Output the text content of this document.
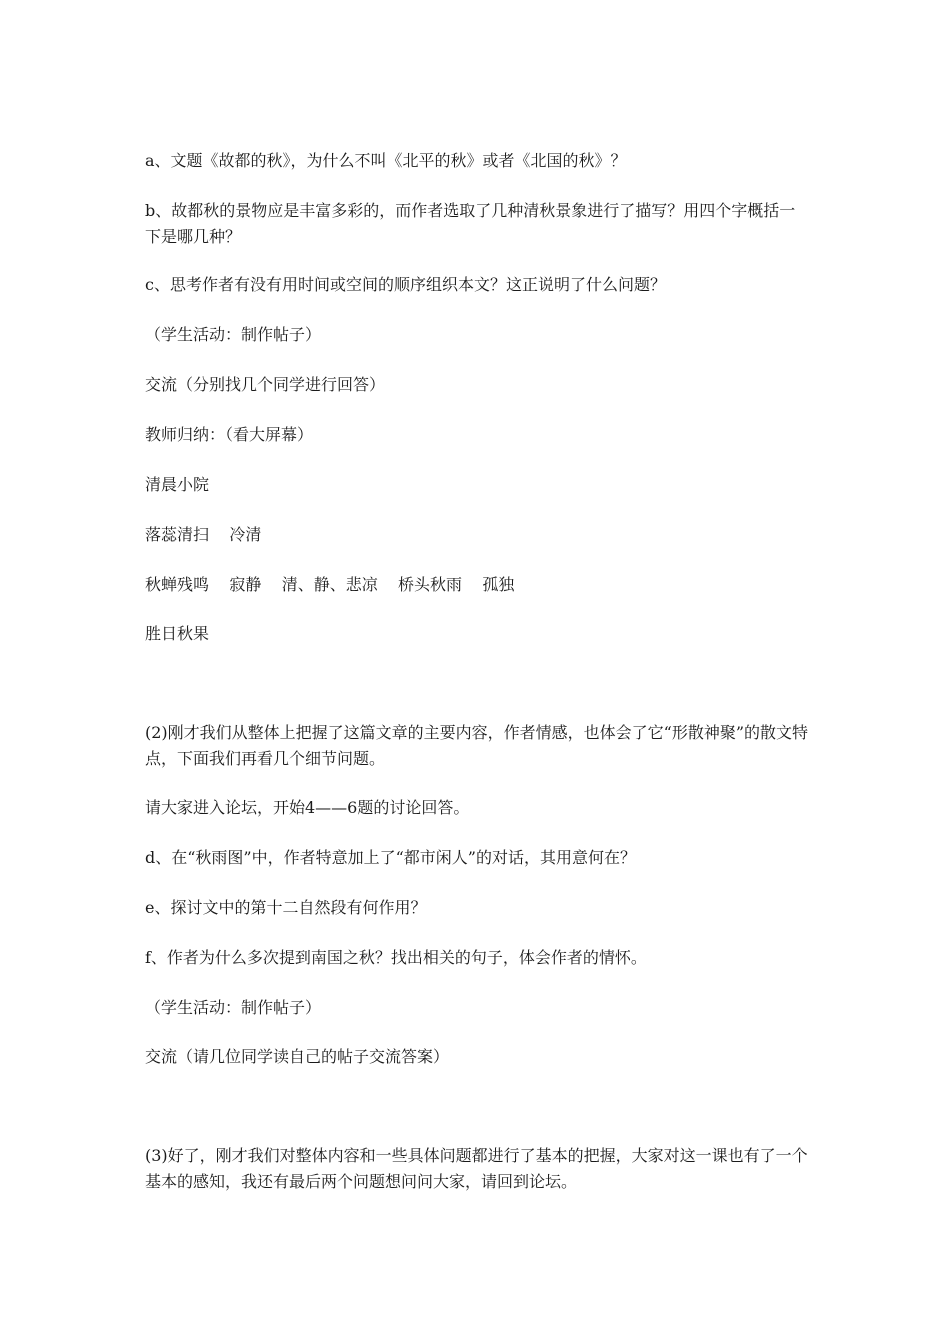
a、文题《故都的秋》，为什么不叫《北平的秋》或者《北国的秋》？

b、故都秋的景物应是丰富多彩的，而作者选取了几种清秋景象进行了描写？用四个字概括一下是哪几种？

c、思考作者有没有用时间或空间的顺序组织本文？这正说明了什么问题？

（学生活动：制作帖子）

交流（分别找几个同学进行回答）

教师归纳：（看大屏幕）

清晨小院

落蕊清扫    冷清

秋蝉残鸣    寂静    清、静、悲凉    桥头秋雨    孤独

胜日秋果

(2)刚才我们从整体上把握了这篇文章的主要内容，作者情感，也体会了它“形散神聚”的散文特点，下面我们再看几个细节问题。

请大家进入论坛，开始4——6题的讨论回答。

d、在“秋雨图”中，作者特意加上了“都市闲人”的对话，其用意何在？

e、探讨文中的第十二自然段有何作用？

f、作者为什么多次提到南国之秋？找出相关的句子，体会作者的情怀。

（学生活动：制作帖子）

交流（请几位同学读自己的帖子交流答案）

(3)好了，刚才我们对整体内容和一些具体问题都进行了基本的把握，大家对这一课也有了一个基本的感知，我还有最后两个问题想问问大家，请回到论坛。
